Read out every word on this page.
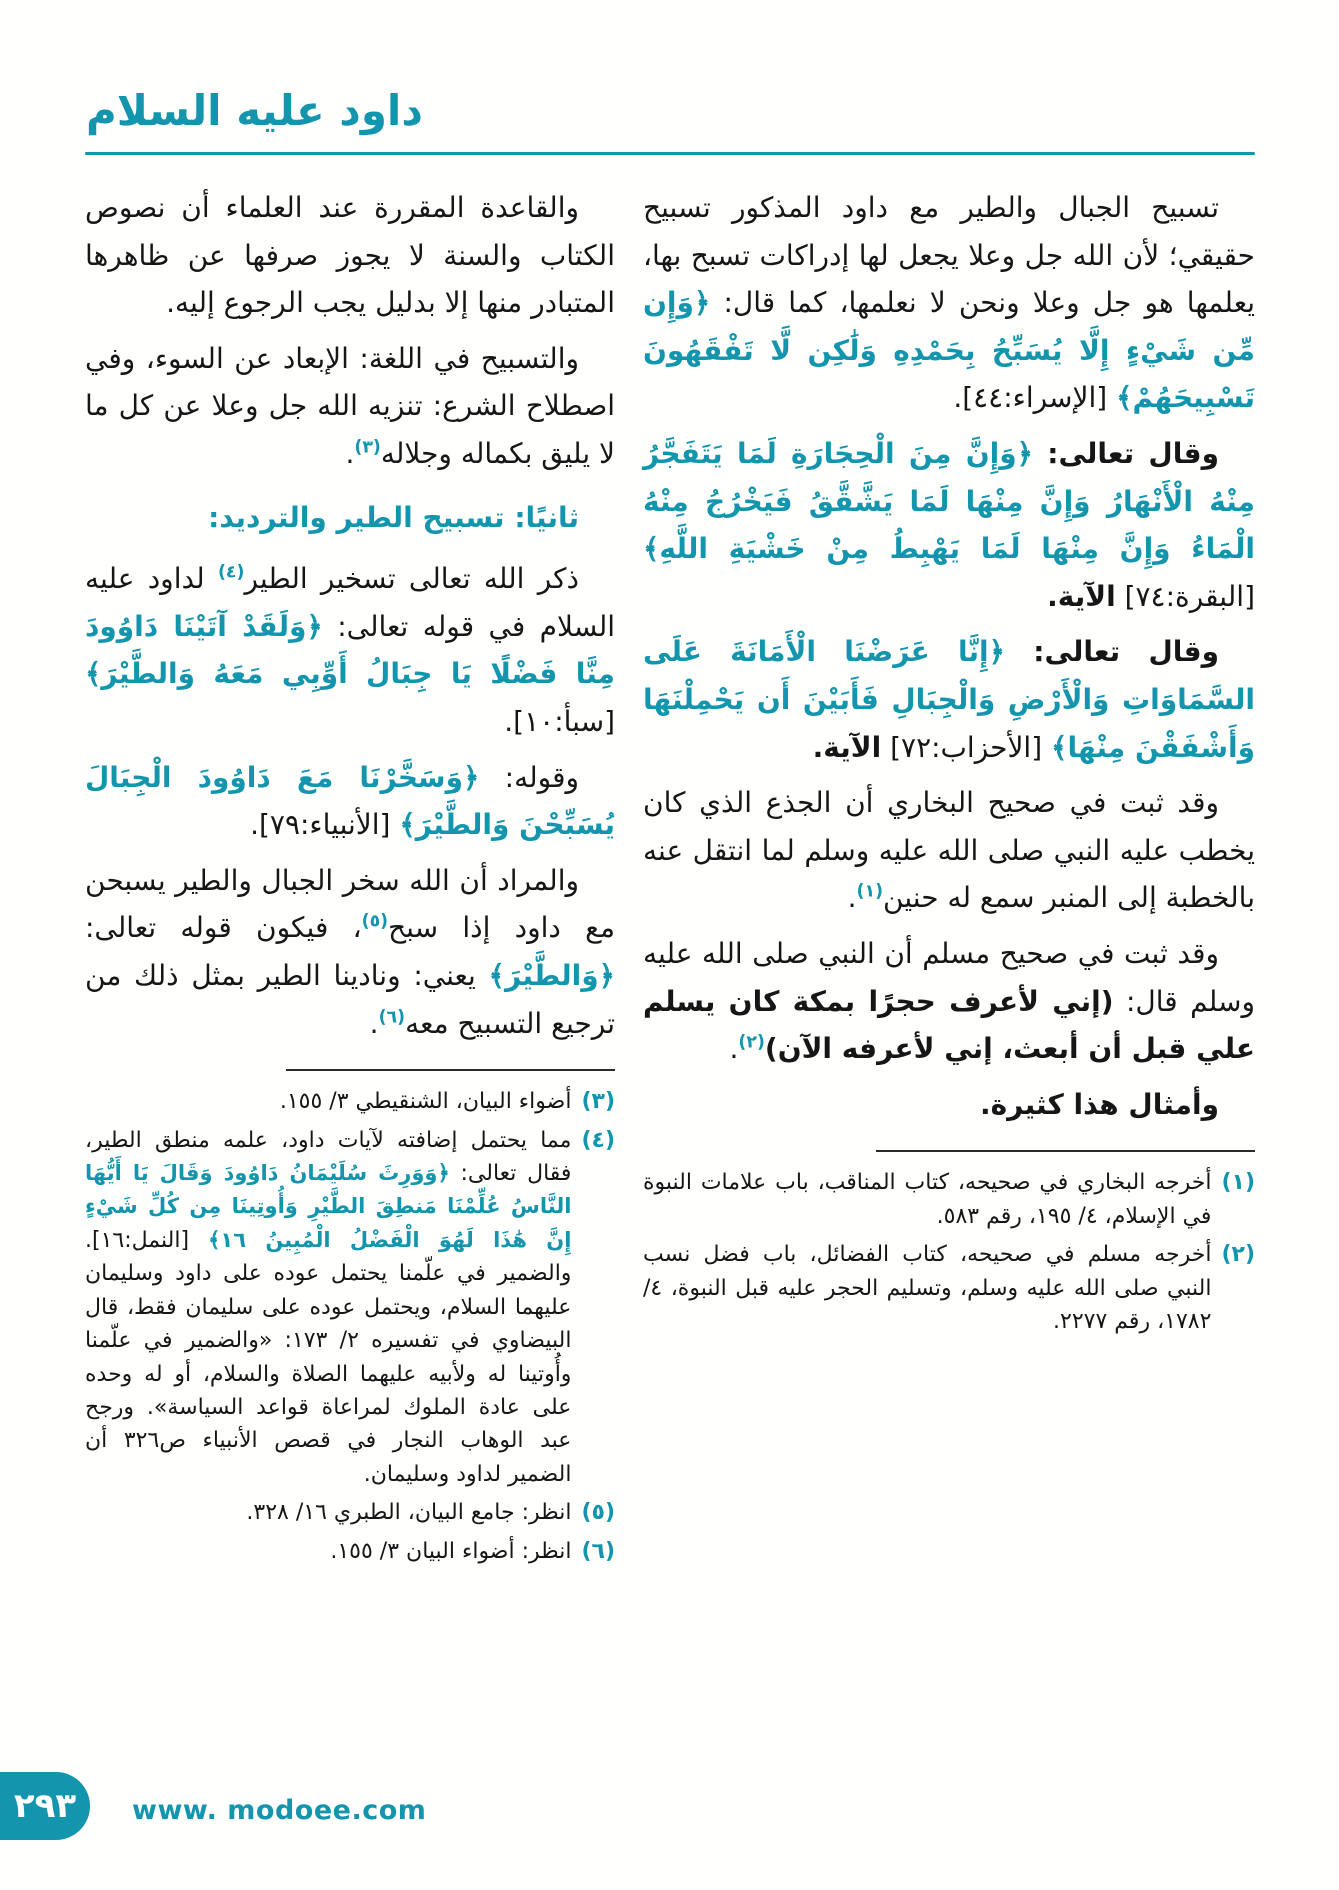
داود عليه السلام

تسبيح الجبال والطير مع داود المذكور تسبيح حقيقي؛ لأن الله جل وعلا يجعل لها إدراكات تسبح بها، يعلمها هو جل وعلا ونحن لا نعلمها، كما قال: ﴿وَإِن مِّن شَيْءٍ إِلَّا يُسَبِّحُ بِحَمْدِهِ وَلَٰكِن لَّا تَفْقَهُونَ تَسْبِيحَهُمْ﴾ [الإسراء:٤٤].

وقال تعالى: ﴿وَإِنَّ مِنَ الْحِجَارَةِ لَمَا يَتَفَجَّرُ مِنْهُ الْأَنْهَارُ وَإِنَّ مِنْهَا لَمَا يَشَّقَّقُ فَيَخْرُجُ مِنْهُ الْمَاءُ وَإِنَّ مِنْهَا لَمَا يَهْبِطُ مِنْ خَشْيَةِ اللَّهِ﴾ [البقرة:٧٤] الآية.

وقال تعالى: ﴿إِنَّا عَرَضْنَا الْأَمَانَةَ عَلَى السَّمَاوَاتِ وَالْأَرْضِ وَالْجِبَالِ فَأَبَيْنَ أَن يَحْمِلْنَهَا وَأَشْفَقْنَ مِنْهَا﴾ [الأحزاب:٧٢] الآية.

وقد ثبت في صحيح البخاري أن الجذع الذي كان يخطب عليه النبي صلى الله عليه وسلم لما انتقل عنه بالخطبة إلى المنبر سمع له حنين$^{(١)}$.

وقد ثبت في صحيح مسلم أن النبي صلى الله عليه وسلم قال: (إني لأعرف حجرًا بمكة كان يسلم علي قبل أن أبعث، إني لأعرفه الآن)$^{(٢)}$.

وأمثال هذا كثيرة.

(١)
أخرجه البخاري في صحيحه، كتاب المناقب، باب علامات النبوة في الإسلام، ٤/ ١٩٥، رقم ٥٨٣.
(٢)
أخرجه مسلم في صحيحه، كتاب الفضائل، باب فضل نسب النبي صلى الله عليه وسلم، وتسليم الحجر عليه قبل النبوة، ٤/ ١٧٨٢، رقم ٢٢٧٧.

والقاعدة المقررة عند العلماء أن نصوص الكتاب والسنة لا يجوز صرفها عن ظاهرها المتبادر منها إلا بدليل يجب الرجوع إليه.

والتسبيح في اللغة: الإبعاد عن السوء، وفي اصطلاح الشرع: تنزيه الله جل وعلا عن كل ما لا يليق بكماله وجلاله$^{(٣)}$.

ثانيًا: تسبيح الطير والترديد:

ذكر الله تعالى تسخير الطير$^{(٤)}$ لداود عليه السلام في قوله تعالى: ﴿وَلَقَدْ آتَيْنَا دَاوُودَ مِنَّا فَضْلًا يَا جِبَالُ أَوِّبِي مَعَهُ وَالطَّيْرَ﴾ [سبأ:١٠].

وقوله: ﴿وَسَخَّرْنَا مَعَ دَاوُودَ الْجِبَالَ يُسَبِّحْنَ وَالطَّيْرَ﴾ [الأنبياء:٧٩].

والمراد أن الله سخر الجبال والطير يسبحن مع داود إذا سبح$^{(٥)}$، فيكون قوله تعالى: ﴿وَالطَّيْرَ﴾ يعني: ونادينا الطير بمثل ذلك من ترجيع التسبيح معه$^{(٦)}$.

(٣)
أضواء البيان، الشنقيطي ٣/ ١٥٥.
(٤)
مما يحتمل إضافته لآيات داود، علمه منطق الطير، فقال تعالى: ﴿وَوَرِثَ سُلَيْمَانُ دَاوُودَ وَقَالَ يَا أَيُّهَا النَّاسُ عُلِّمْنَا مَنطِقَ الطَّيْرِ وَأُوتِينَا مِن كُلِّ شَيْءٍ إِنَّ هَٰذَا لَهُوَ الْفَضْلُ الْمُبِينُ ١٦﴾ [النمل:١٦]. والضمير في علّمنا يحتمل عوده على داود وسليمان عليهما السلام، ويحتمل عوده على سليمان فقط، قال البيضاوي في تفسيره ٢/ ١٧٣: «والضمير في علّمنا وأُوتينا له ولأبيه عليهما الصلاة والسلام، أو له وحده على عادة الملوك لمراعاة قواعد السياسة». ورجح عبد الوهاب النجار في قصص الأنبياء ص٣٢٦ أن الضمير لداود وسليمان.
(٥)
انظر: جامع البيان، الطبري ١٦/ ٣٢٨.
(٦)
انظر: أضواء البيان ٣/ ١٥٥.
٢٩٣ www. modoee.com
